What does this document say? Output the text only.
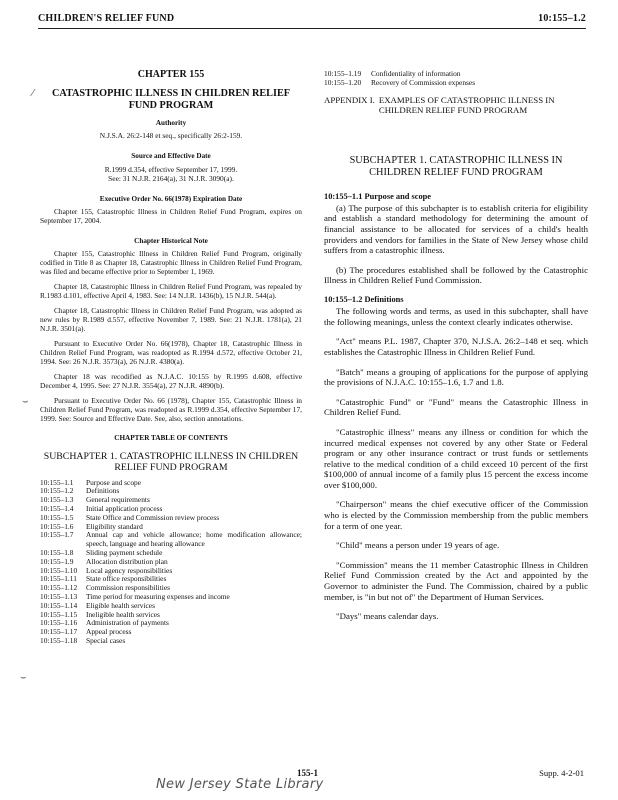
CHILDREN'S RELIEF FUND	10:155–1.2
⁄
⌣
⌣
CHAPTER 155
CATASTROPHIC ILLNESS IN CHILDREN RELIEF FUND PROGRAM
Authority
N.J.S.A. 26:2-148 et seq., specifically 26:2-159.
Source and Effective Date
R.1999 d.354, effective September 17, 1999.
See: 31 N.J.R. 2164(a), 31 N.J.R. 3090(a).
Executive Order No. 66(1978) Expiration Date
Chapter 155, Catastrophic Illness in Children Relief Fund Program, expires on September 17, 2004.
Chapter Historical Note
Chapter 155, Catastrophic Illness in Children Relief Fund Program, originally codified in Title 8 as Chapter 18, Catastrophic Illness in Children Relief Fund Program, was filed and became effective prior to September 1, 1969.
Chapter 18, Catastrophic Illness in Children Relief Fund Program, was repealed by R.1983 d.101, effective April 4, 1983. See: 14 N.J.R. 1436(b), 15 N.J.R. 544(a).
Chapter 18, Catastrophic Illness in Children Relief Fund Program, was adopted as new rules by R.1989 d.557, effective November 7, 1989. See: 21 N.J.R. 1781(a), 21 N.J.R. 3501(a).
Pursuant to Executive Order No. 66(1978), Chapter 18, Catastrophic Illness in Children Relief Fund Program, was readopted as R.1994 d.572, effective October 21, 1994. See: 26 N.J.R. 3573(a), 26 N.J.R. 4380(a).
Chapter 18 was recodified as N.J.A.C. 10:155 by R.1995 d.608, effective December 4, 1995. See: 27 N.J.R. 3554(a), 27 N.J.R. 4890(b).
Pursuant to Executive Order No. 66 (1978), Chapter 155, Catastrophic Illness in Children Relief Fund Program, was readopted as R.1999 d.354, effective September 17, 1999. See: Source and Effective Date. See, also, section annotations.
CHAPTER TABLE OF CONTENTS
SUBCHAPTER 1. CATASTROPHIC ILLNESS IN CHILDREN RELIEF FUND PROGRAM
10:155–1.1	Purpose and scope
10:155–1.2	Definitions
10:155–1.3	General requirements
10:155–1.4	Initial application process
10:155–1.5	State Office and Commission review process
10:155–1.6	Eligibility standard
10:155–1.7	Annual cap and vehicle allowance; home modification allowance; speech, language and hearing allowance
10:155–1.8	Sliding payment schedule
10:155–1.9	Allocation distribution plan
10:155–1.10	Local agency responsibilities
10:155–1.11	State office responsibilities
10:155–1.12	Commission responsibilities
10:155–1.13	Time period for measuring expenses and income
10:155–1.14	Eligible health services
10:155–1.15	Ineligible health services
10:155–1.16	Administration of payments
10:155–1.17	Appeal process
10:155–1.18	Special cases
10:155–1.19	Confidentiality of information
10:155–1.20	Recovery of Commission expenses
APPENDIX I. EXAMPLES OF CATASTROPHIC ILLNESS IN CHILDREN RELIEF FUND PROGRAM
SUBCHAPTER 1. CATASTROPHIC ILLNESS IN CHILDREN RELIEF FUND PROGRAM
10:155–1.1 Purpose and scope
(a) The purpose of this subchapter is to establish criteria for eligibility and establish a standard methodology for determining the amount of financial assistance to be allocated for services of a child's health providers and vendors for families in the State of New Jersey whose child suffers from a catastrophic illness.
(b) The procedures established shall be followed by the Catastrophic Illness in Children Relief Fund Commission.
10:155–1.2 Definitions
The following words and terms, as used in this subchapter, shall have the following meanings, unless the context clearly indicates otherwise.
"Act" means P.L. 1987, Chapter 370, N.J.S.A. 26:2–148 et seq. which establishes the Catastrophic Illness in Children Relief Fund.
"Batch" means a grouping of applications for the purpose of applying the provisions of N.J.A.C. 10:155–1.6, 1.7 and 1.8.
"Catastrophic Fund" or "Fund" means the Catastrophic Illness in Children Relief Fund.
"Catastrophic illness" means any illness or condition for which the incurred medical expenses not covered by any other State or Federal program or any other insurance contract or trust funds or settlements relative to the medical condition of a child exceed 10 percent of the first $100,000 of annual income of a family plus 15 percent the excess income over $100,000.
"Chairperson" means the chief executive officer of the Commission who is elected by the Commission membership from the public members for a term of one year.
"Child" means a person under 19 years of age.
"Commission" means the 11 member Catastrophic Illness in Children Relief Fund Commission created by the Act and appointed by the Governor to administer the Fund. The Commission, chaired by a public member, is "in but not of" the Department of Human Services.
"Days" means calendar days.
155-1	Supp. 4-2-01
New Jersey State Library
